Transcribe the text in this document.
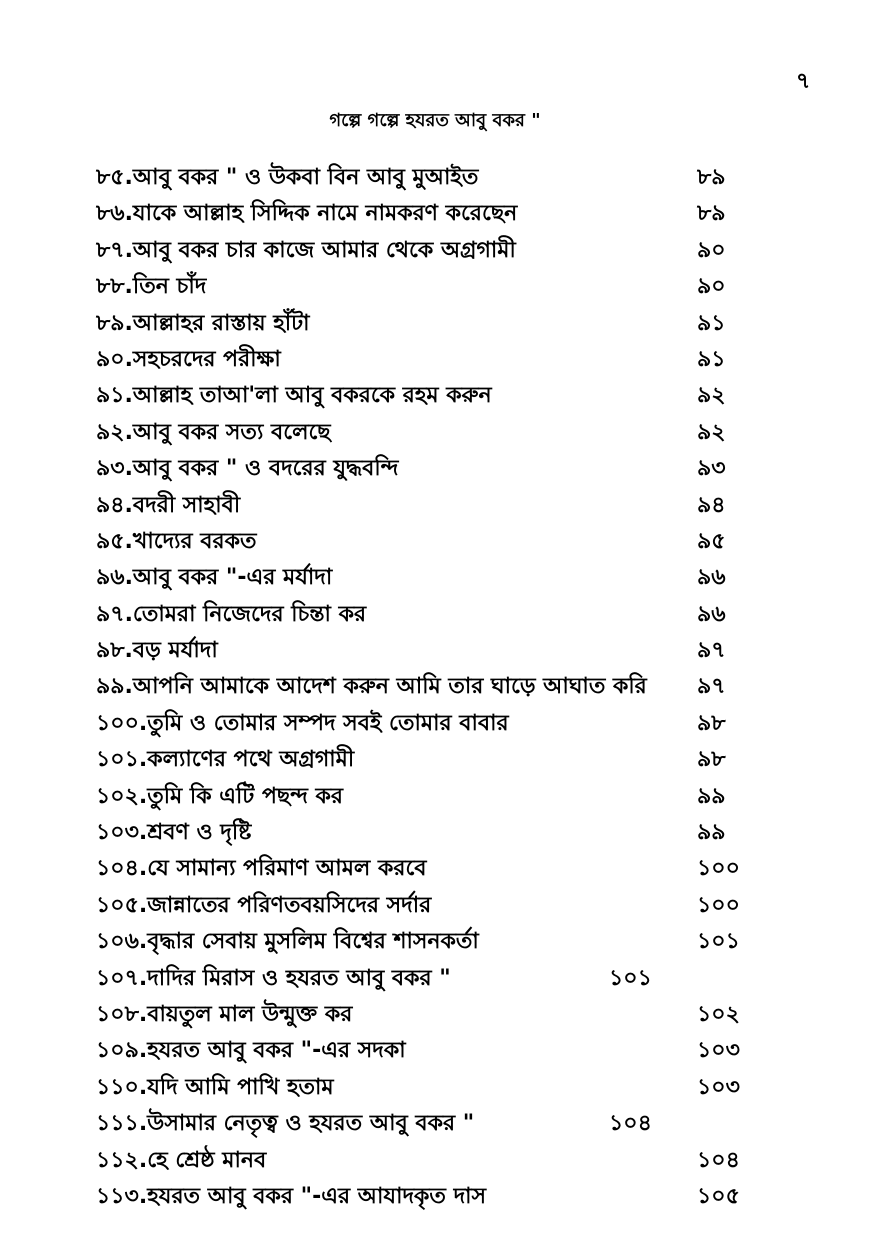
৭
গল্পে গল্পে হযরত আবু বকর "
৮৫.আবু বকর " ও উকবা বিন আবু মুআইত	৮৯
৮৬.যাকে আল্লাহ সিদ্দিক নামে নামকরণ করেছেন	৮৯
৮৭.আবু বকর চার কাজে আমার থেকে অগ্রগামী	৯০
৮৮.তিন চাঁদ	৯০
৮৯.আল্লাহর রাস্তায় হাঁটা	৯১
৯০.সহচরদের পরীক্ষা	৯১
৯১.আল্লাহ তাআ'লা আবু বকরকে রহম করুন	৯২
৯২.আবু বকর সত্য বলেছে	৯২
৯৩.আবু বকর " ও বদরের যুদ্ধবন্দি	৯৩
৯৪.বদরী সাহাবী	৯৪
৯৫.খাদ্যের বরকত	৯৫
৯৬.আবু বকর "-এর মর্যাদা	৯৬
৯৭.তোমরা নিজেদের চিন্তা কর	৯৬
৯৮.বড় মর্যাদা	৯৭
৯৯.আপনি আমাকে আদেশ করুন আমি তার ঘাড়ে আঘাত করি ৯৭
১০০.তুমি ও তোমার সম্পদ সবই তোমার বাবার	৯৮
১০১.কল্যাণের পথে অগ্রগামী	৯৮
১০২.তুমি কি এটি পছন্দ কর	৯৯
১০৩.শ্রবণ ও দৃষ্টি	৯৯
১০৪.যে সামান্য পরিমাণ আমল করবে	১০০
১০৫.জান্নাতের পরিণতবয়সিদের সর্দার	১০০
১০৬.বৃদ্ধার সেবায় মুসলিম বিশ্বের শাসনকর্তা	১০১
১০৭.দাদির মিরাস ও হযরত আবু বকর "	১০১
১০৮.বায়তুল মাল উন্মুক্ত কর	১০২
১০৯.হযরত আবু বকর "-এর সদকা	১০৩
১১০.যদি আমি পাখি হতাম	১০৩
১১১.উসামার নেতৃত্ব ও হযরত আবু বকর "	১০৪
১১২.হে শ্রেষ্ঠ মানব	১০৪
১১৩.হযরত আবু বকর "-এর আযাদকৃত দাস	১০৫
